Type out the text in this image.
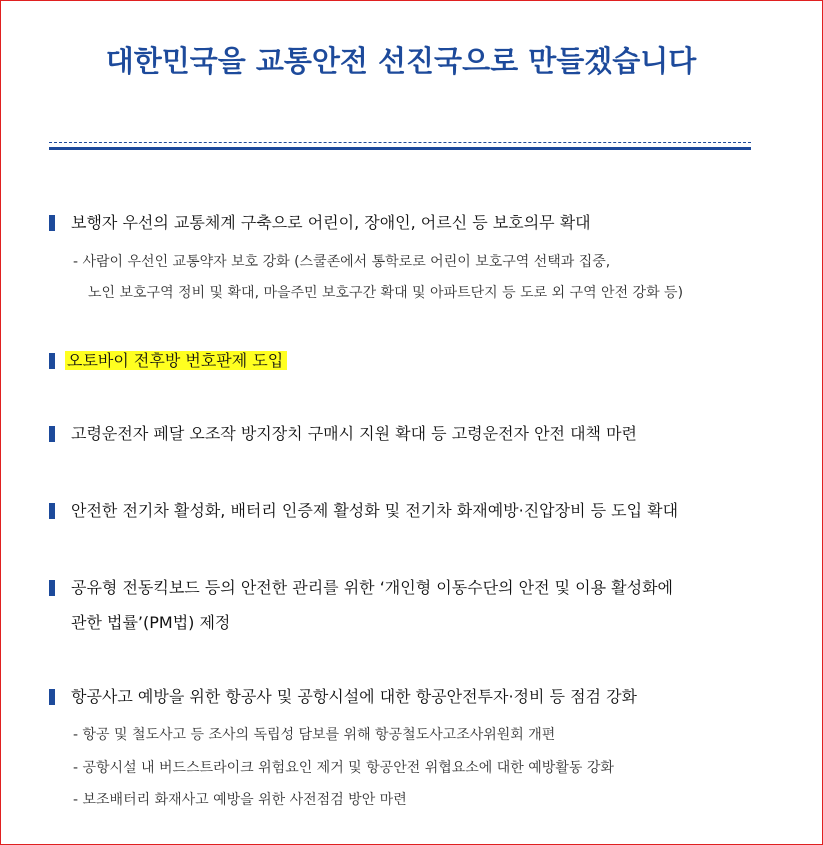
대한민국을 교통안전 선진국으로 만들겠습니다
보행자 우선의 교통체계 구축으로 어린이, 장애인, 어르신 등 보호의무 확대
- 사람이 우선인 교통약자 보호 강화 (스쿨존에서 통학로로 어린이 보호구역 선택과 집중,
노인 보호구역 정비 및 확대, 마을주민 보호구간 확대 및 아파트단지 등 도로 외 구역 안전 강화 등)
오토바이 전후방 번호판제 도입
고령운전자 페달 오조작 방지장치 구매시 지원 확대 등 고령운전자 안전 대책 마련
안전한 전기차 활성화, 배터리 인증제 활성화 및 전기차 화재예방·진압장비 등 도입 확대
공유형 전동킥보드 등의 안전한 관리를 위한 ‘개인형 이동수단의 안전 및 이용 활성화에
관한 법률’(PM법) 제정
항공사고 예방을 위한 항공사 및 공항시설에 대한 항공안전투자·정비 등 점검 강화
- 항공 및 철도사고 등 조사의 독립성 담보를 위해 항공철도사고조사위원회 개편
- 공항시설 내 버드스트라이크 위험요인 제거 및 항공안전 위협요소에 대한 예방활동 강화
- 보조배터리 화재사고 예방을 위한 사전점검 방안 마련
